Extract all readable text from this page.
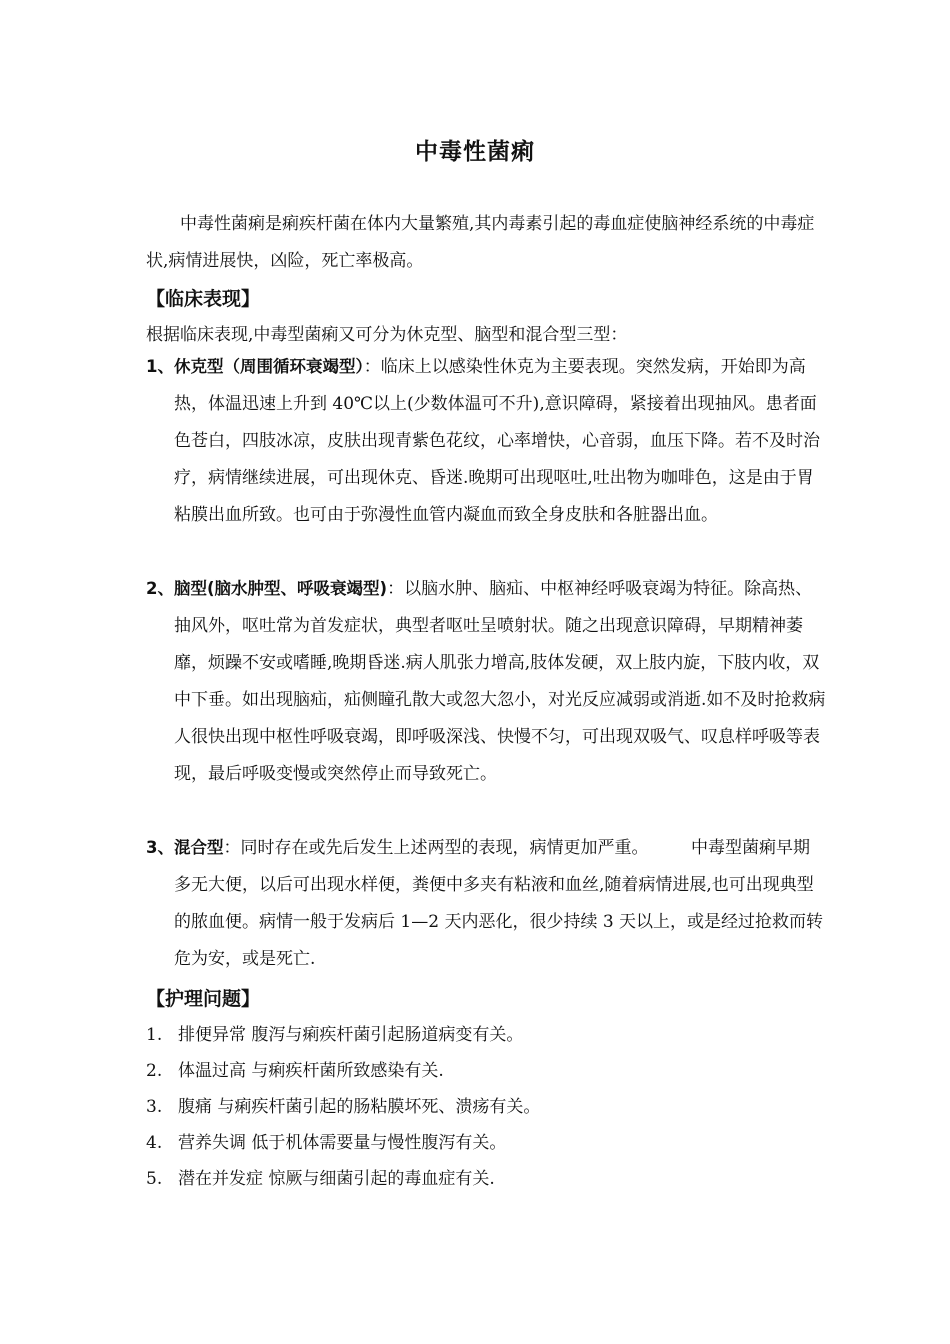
中毒性菌痢
中毒性菌痢是痢疾杆菌在体内大量繁殖,其内毒素引起的毒血症使脑神经系统的中毒症状,病情进展快，凶险，死亡率极高。
【临床表现】
根据临床表现,中毒型菌痢又可分为休克型、脑型和混合型三型：
1、休克型（周围循环衰竭型）：临床上以感染性休克为主要表现。突然发病，开始即为高热，体温迅速上升到 40℃以上(少数体温可不升),意识障碍，紧接着出现抽风。患者面色苍白，四肢冰凉，皮肤出现青紫色花纹，心率增快，心音弱，血压下降。若不及时治疗，病情继续进展，可出现休克、昏迷.晚期可出现呕吐,吐出物为咖啡色，这是由于胃粘膜出血所致。也可由于弥漫性血管内凝血而致全身皮肤和各脏器出血。
2、脑型(脑水肿型、呼吸衰竭型)：以脑水肿、脑疝、中枢神经呼吸衰竭为特征。除高热、抽风外，呕吐常为首发症状，典型者呕吐呈喷射状。随之出现意识障碍，早期精神萎靡，烦躁不安或嗜睡,晚期昏迷.病人肌张力增高,肢体发硬，双上肢内旋，下肢内收，双中下垂。如出现脑疝，疝侧瞳孔散大或忽大忽小，对光反应减弱或消逝.如不及时抢救病人很快出现中枢性呼吸衰竭，即呼吸深浅、快慢不匀，可出现双吸气、叹息样呼吸等表现，最后呼吸变慢或突然停止而导致死亡。
3、混合型：同时存在或先后发生上述两型的表现，病情更加严重。　　　中毒型菌痢早期多无大便，以后可出现水样便，粪便中多夹有粘液和血丝,随着病情进展,也可出现典型的脓血便。病情一般于发病后 1—2 天内恶化，很少持续 3 天以上，或是经过抢救而转危为安，或是死亡.
【护理问题】
1. 排便异常 腹泻与痢疾杆菌引起肠道病变有关。
2. 体温过高 与痢疾杆菌所致感染有关.
3. 腹痛 与痢疾杆菌引起的肠粘膜坏死、溃疡有关。
4. 营养失调 低于机体需要量与慢性腹泻有关。
5. 潜在并发症 惊厥与细菌引起的毒血症有关.
